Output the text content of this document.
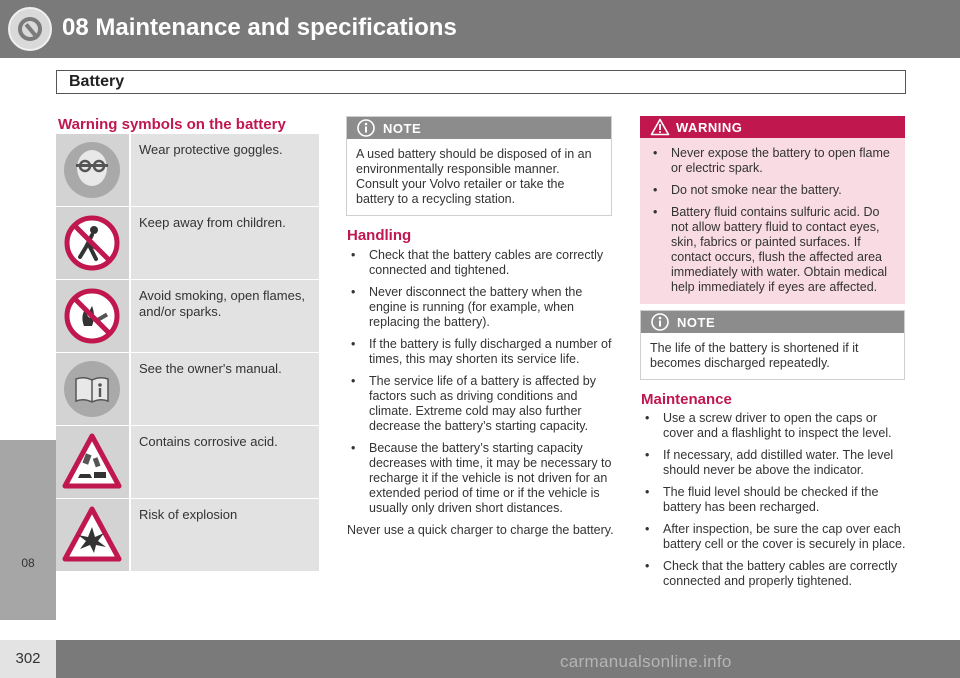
08 Maintenance and specifications
Battery
08
302	carmanualsonline.info
Warning symbols on the battery
Wear protective goggles.
Keep away from children.
Avoid smoking, open flames, and/or sparks.
See the owner's manual.
Contains corrosive acid.
Risk of explosion
NOTE
A used battery should be disposed of in an environmentally responsible manner. Consult your Volvo retailer or take the battery to a recycling station.
Handling
• Check that the battery cables are correctly connected and tightened.
• Never disconnect the battery when the engine is running (for example, when replacing the battery).
• If the battery is fully discharged a number of times, this may shorten its service life.
• The service life of a battery is affected by factors such as driving conditions and climate. Extreme cold may also further decrease the battery’s starting capacity.
• Because the battery’s starting capacity decreases with time, it may be necessary to recharge it if the vehicle is not driven for an extended period of time or if the vehicle is usually only driven short distances.
Never use a quick charger to charge the battery.
WARNING
• Never expose the battery to open flame or electric spark.
• Do not smoke near the battery.
• Battery fluid contains sulfuric acid. Do not allow battery fluid to contact eyes, skin, fabrics or painted surfaces. If contact occurs, flush the affected area immediately with water. Obtain medical help immediately if eyes are affected.
NOTE
The life of the battery is shortened if it becomes discharged repeatedly.
Maintenance
• Use a screw driver to open the caps or cover and a flashlight to inspect the level.
• If necessary, add distilled water. The level should never be above the indicator.
• The fluid level should be checked if the battery has been recharged.
• After inspection, be sure the cap over each battery cell or the cover is securely in place.
• Check that the battery cables are correctly connected and properly tightened.
